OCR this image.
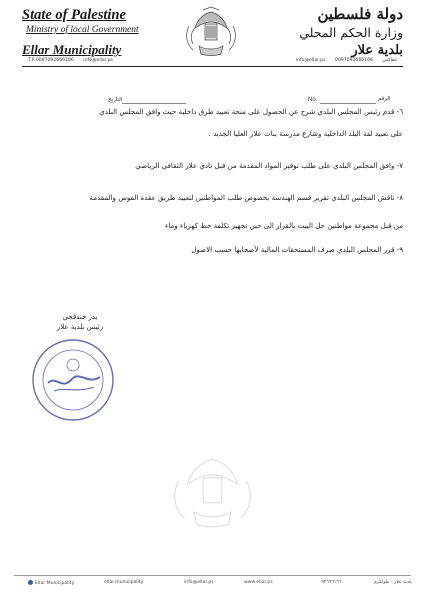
State of Palestine
Ministry of local Government
Ellar Municipality
T.F 0097092666166 info@ellar.ps
دولة فلسطين
وزارة الحكم المحلي
بلدية علار
تلفاكس 0097092666166 info@ellar.ps
التاريخ	No.	الرقم
٦- قدم رئيس المجلس البلدي شرح عن الحصول على منحة تعبيد طرق داخلية حيث وافق المجلس البلدي
على تعبيد لفة البلد الداخلية وشارع مدرسة بنات علار العليا الجديد .
٧- وافق المجلس البلدي على طلب توفير المواد المقدمة من قبل نادي علار الثقافي الرياضي
٨- ناقش المجلس البلدي تقرير قسم الهندسة بخصوص طلب المواطنين لتعبيد طريق عقدة القوس والمقدمة
من قبل مجموعة مواطنين جل البيت بالقرار الى حين تجهيز تكلفة خط كهرباء وماء
٩- قرر المجلس البلدي صرف المستحقات المالية لأصحابها حسب الاصول
بدر خندقجي
رئيس بلدية علار
Ellar Municipality	ellar.municipality	info@ellar.ps	www.ellar.ps	٠٩٢٦٦٦١٦٦	بلدية علار - طولكرم
